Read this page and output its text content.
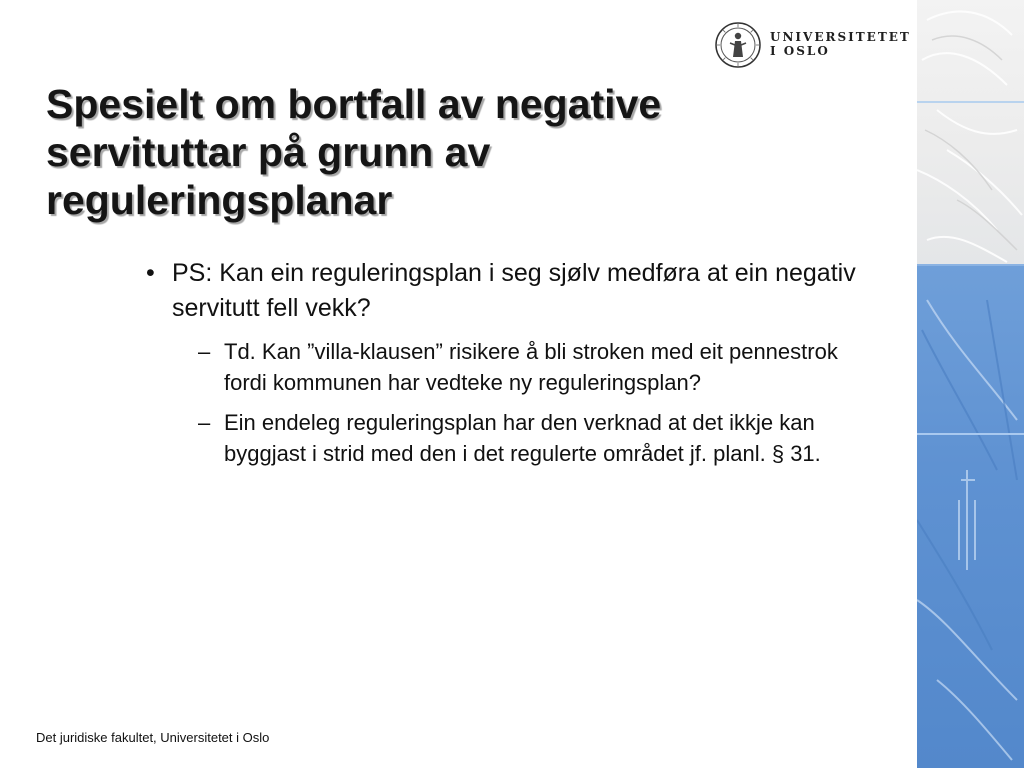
UNIVERSITETET
I OSLO
Spesielt om bortfall av negative
servituttar på grunn av
reguleringsplanar
• PS: Kan ein reguleringsplan i seg sjølv medføra at ein negativ servitutt fell vekk?
– Td. Kan ”villa-klausen” risikere å bli stroken med eit pennestrok fordi kommunen har vedteke ny reguleringsplan?
– Ein endeleg reguleringsplan har den verknad at det ikkje kan byggjast i strid med den i det regulerte området jf. planl. § 31.
Det juridiske fakultet, Universitetet i Oslo
